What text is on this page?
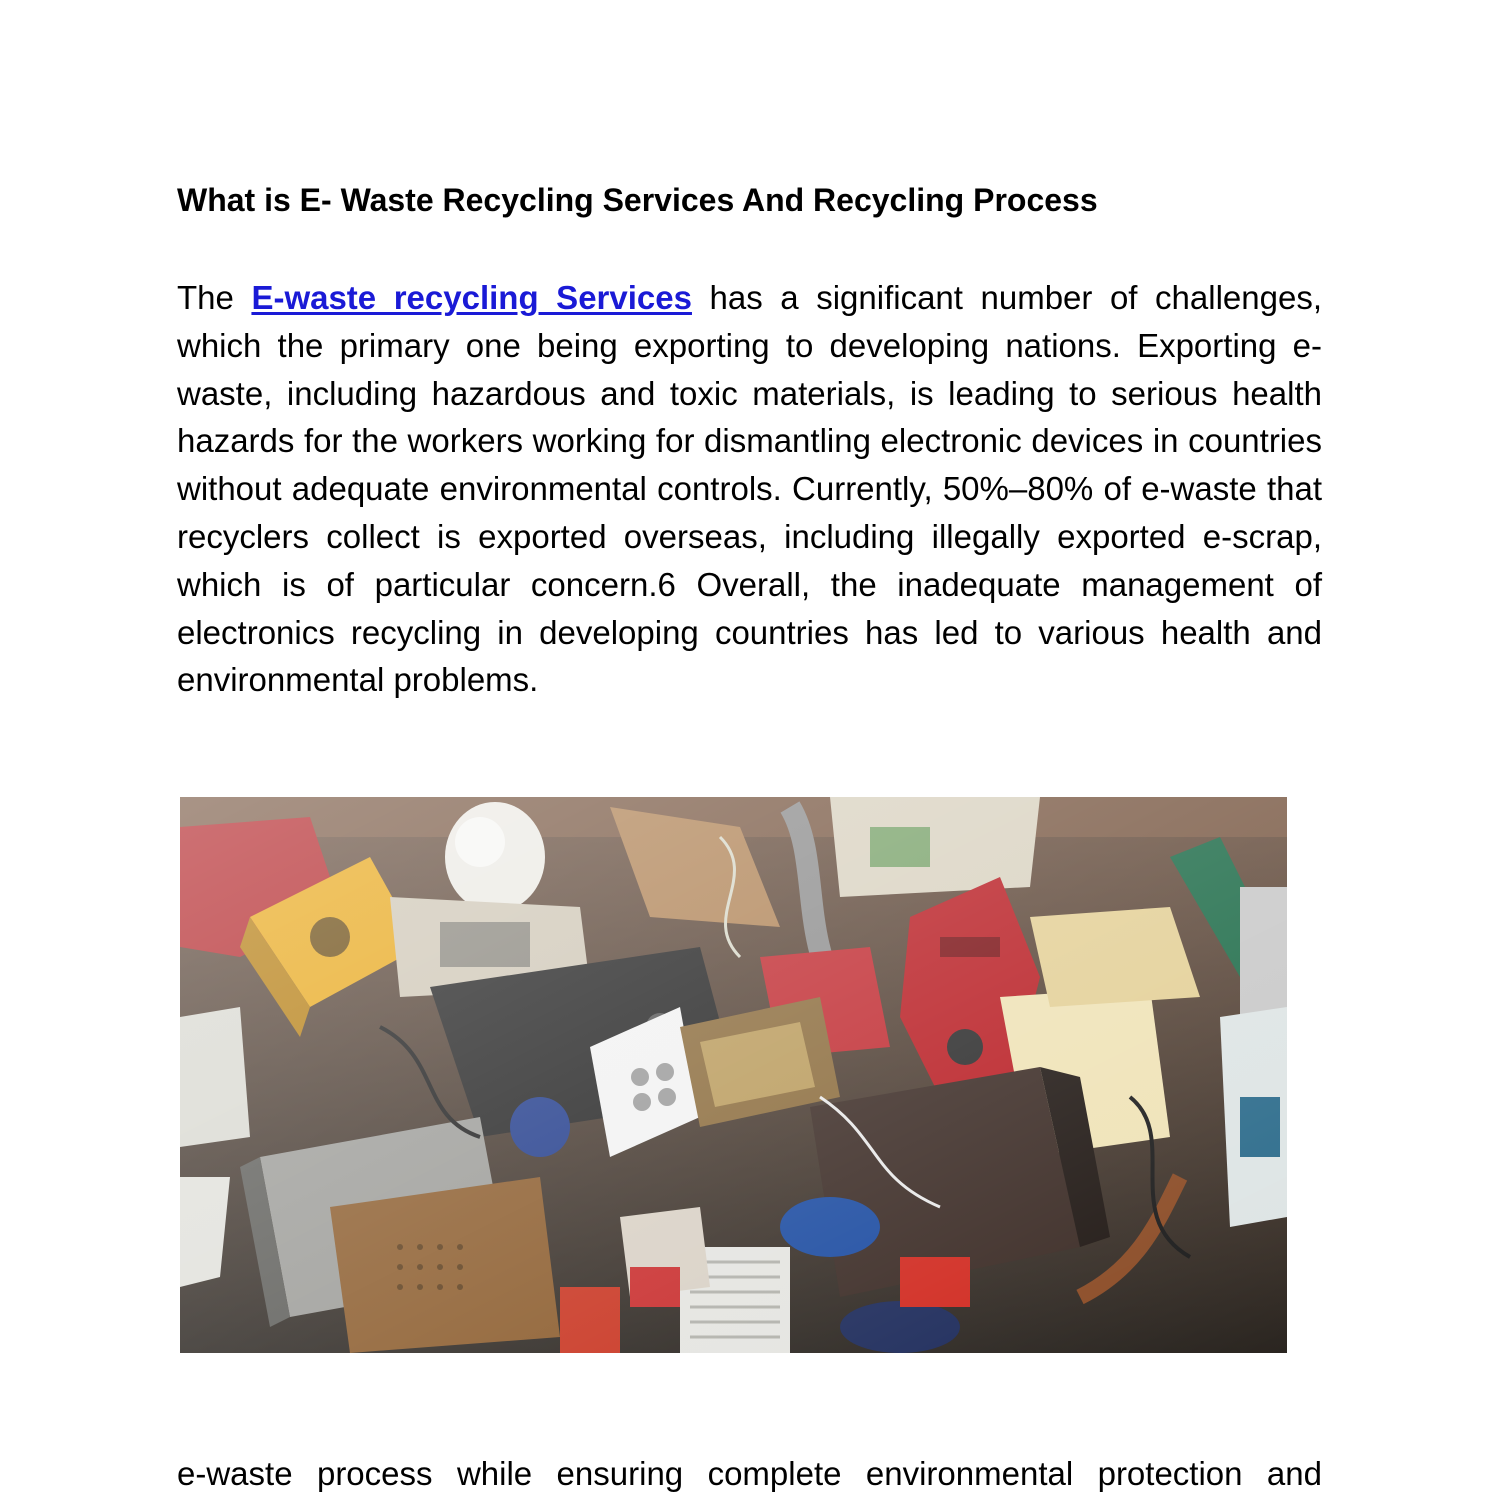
What is E- Waste Recycling Services And Recycling Process

The E-waste recycling Services has a significant number of challenges, which the primary one being exporting to developing nations. Exporting e-waste, including hazardous and toxic materials, is leading to serious health hazards for the workers working for dismantling electronic devices in countries without adequate environmental controls. Currently, 50%–80% of e-waste that recyclers collect is exported overseas, including illegally exported e-scrap, which is of particular concern.6 Overall, the inadequate management of electronics recycling in developing countries has led to various health and environmental problems.

e-waste process while ensuring complete environmental protection and
